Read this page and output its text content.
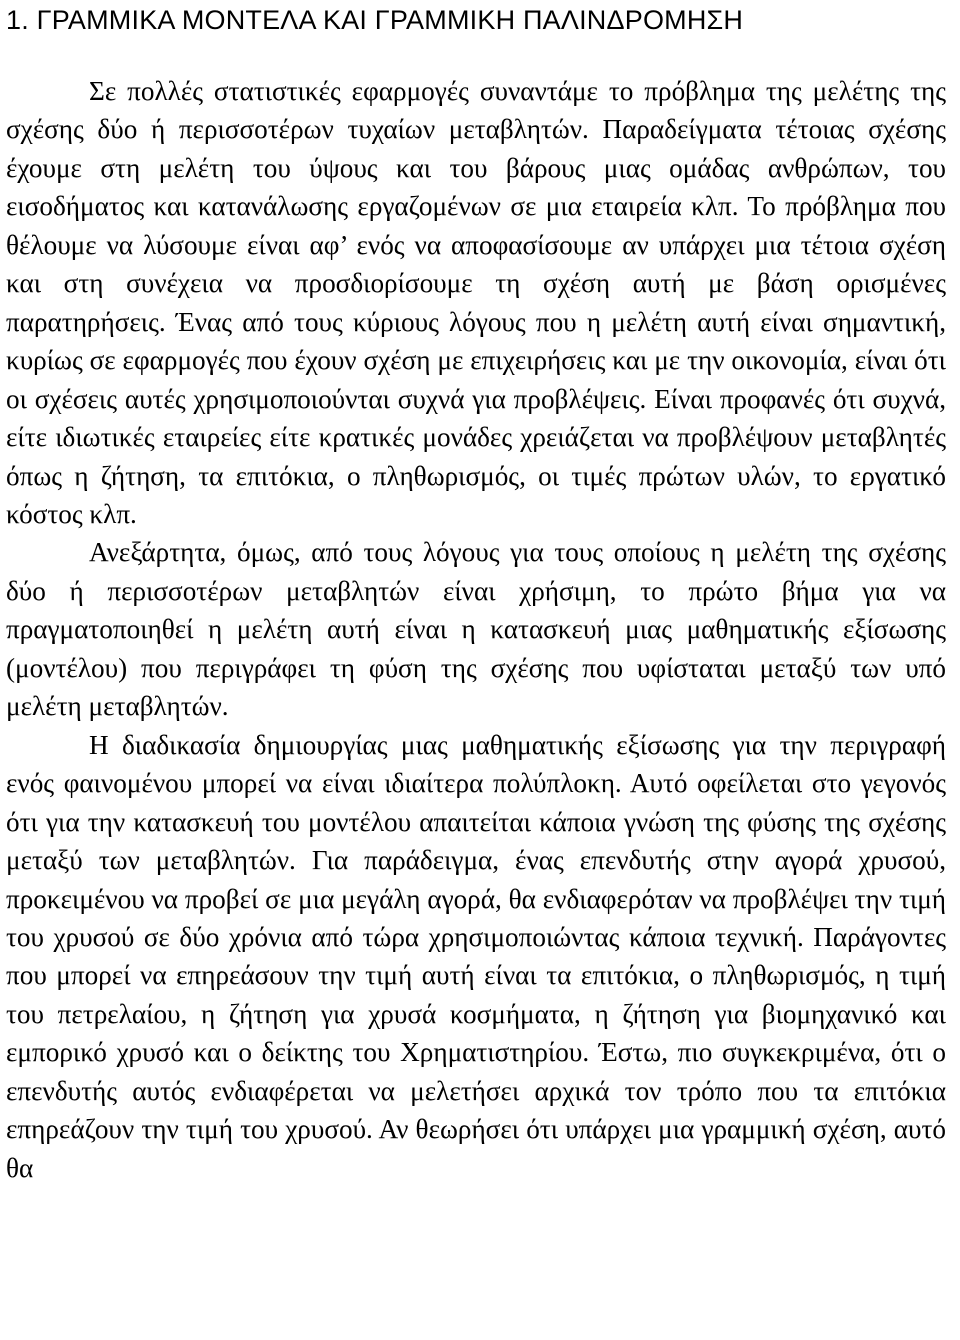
1. ΓΡΑΜΜΙΚΑ ΜΟΝΤΕΛΑ ΚΑΙ ΓΡΑΜΜΙΚΗ ΠΑΛΙΝΔΡΟΜΗΣΗ

Σε πολλές στατιστικές εφαρμογές συναντάμε το πρόβλημα της μελέτης της σχέσης δύο ή περισσοτέρων τυχαίων μεταβλητών. Παραδείγματα τέτοιας σχέσης έχουμε στη μελέτη του ύψους και του βάρους μιας ομάδας ανθρώπων, του εισοδήματος και κατανάλωσης εργαζομένων σε μια εταιρεία κλπ. Το πρόβλημα που θέλουμε να λύσουμε είναι αφ’ ενός να αποφασίσουμε αν υπάρχει μια τέτοια σχέση και στη συνέχεια να προσδιορίσουμε τη σχέση αυτή με βάση ορισμένες παρατηρήσεις. Ένας από τους κύριους λόγους που η μελέτη αυτή είναι σημαντική, κυρίως σε εφαρμογές που έχουν σχέση με επιχειρήσεις και με την οικονομία, είναι ότι οι σχέσεις αυτές χρησιμοποιούνται συχνά για προβλέψεις. Είναι προφανές ότι συχνά, είτε ιδιωτικές εταιρείες είτε κρατικές μονάδες χρειάζεται να προβλέψουν μεταβλητές όπως η ζήτηση, τα επιτόκια, ο πληθωρισμός, οι τιμές πρώτων υλών, το εργατικό κόστος κλπ.

Ανεξάρτητα, όμως, από τους λόγους για τους οποίους η μελέτη της σχέσης δύο ή περισσοτέρων μεταβλητών είναι χρήσιμη, το πρώτο βήμα για να πραγματοποιηθεί η μελέτη αυτή είναι η κατασκευή μιας μαθηματικής εξίσωσης (μοντέλου) που περιγράφει τη φύση της σχέσης που υφίσταται μεταξύ των υπό μελέτη μεταβλητών.

Η διαδικασία δημιουργίας μιας μαθηματικής εξίσωσης για την περιγραφή ενός φαινομένου μπορεί να είναι ιδιαίτερα πολύπλοκη. Αυτό οφείλεται στο γεγονός ότι για την κατασκευή του μοντέλου απαιτείται κάποια γνώση της φύσης της σχέσης μεταξύ των μεταβλητών. Για παράδειγμα, ένας επενδυτής στην αγορά χρυσού, προκειμένου να προβεί σε μια μεγάλη αγορά, θα ενδιαφερόταν να προβλέψει την τιμή του χρυσού σε δύο χρόνια από τώρα χρησιμοποιώντας κάποια τεχνική. Παράγοντες που μπορεί να επηρεάσουν την τιμή αυτή είναι τα επιτόκια, ο πληθωρισμός, η τιμή του πετρελαίου, η ζήτηση για χρυσά κοσμήματα, η ζήτηση για βιομηχανικό και εμπορικό χρυσό και ο δείκτης του Χρηματιστηρίου. Έστω, πιο συγκεκριμένα, ότι ο επενδυτής αυτός ενδιαφέρεται να μελετήσει αρχικά τον τρόπο που τα επιτόκια επηρεάζουν την τιμή του χρυσού. Αν θεωρήσει ότι υπάρχει μια γραμμική σχέση, αυτό θα
